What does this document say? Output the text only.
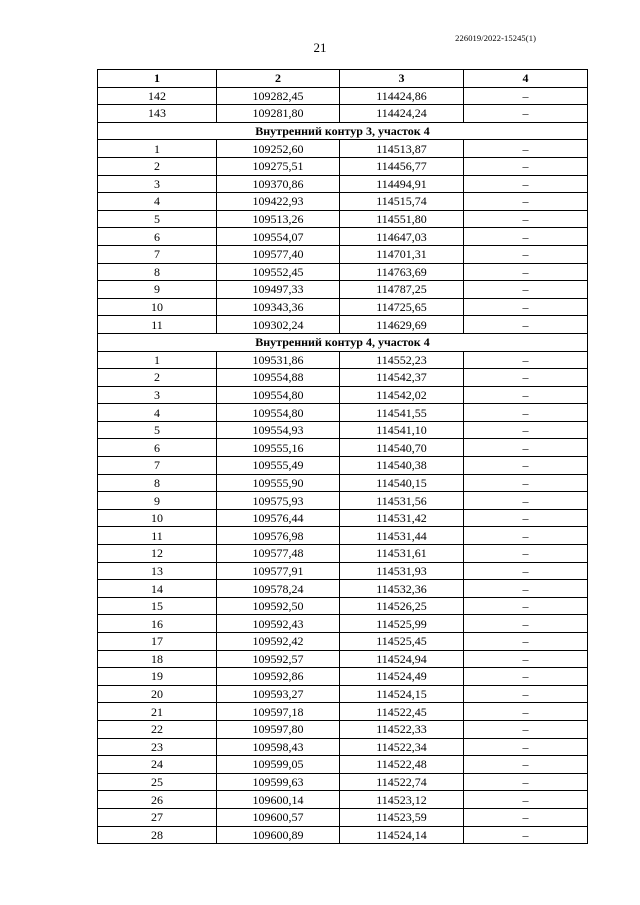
226019/2022-15245(1)
21
1	2	3	4
142	109282,45	114424,86	–
143	109281,80	114424,24	–
Внутренний контур 3, участок 4			
1	109252,60	114513,87	–
2	109275,51	114456,77	–
3	109370,86	114494,91	–
4	109422,93	114515,74	–
5	109513,26	114551,80	–
6	109554,07	114647,03	–
7	109577,40	114701,31	–
8	109552,45	114763,69	–
9	109497,33	114787,25	–
10	109343,36	114725,65	–
11	109302,24	114629,69	–
Внутренний контур 4, участок 4			
1	109531,86	114552,23	–
2	109554,88	114542,37	–
3	109554,80	114542,02	–
4	109554,80	114541,55	–
5	109554,93	114541,10	–
6	109555,16	114540,70	–
7	109555,49	114540,38	–
8	109555,90	114540,15	–
9	109575,93	114531,56	–
10	109576,44	114531,42	–
11	109576,98	114531,44	–
12	109577,48	114531,61	–
13	109577,91	114531,93	–
14	109578,24	114532,36	–
15	109592,50	114526,25	–
16	109592,43	114525,99	–
17	109592,42	114525,45	–
18	109592,57	114524,94	–
19	109592,86	114524,49	–
20	109593,27	114524,15	–
21	109597,18	114522,45	–
22	109597,80	114522,33	–
23	109598,43	114522,34	–
24	109599,05	114522,48	–
25	109599,63	114522,74	–
26	109600,14	114523,12	–
27	109600,57	114523,59	–
28	109600,89	114524,14	–
